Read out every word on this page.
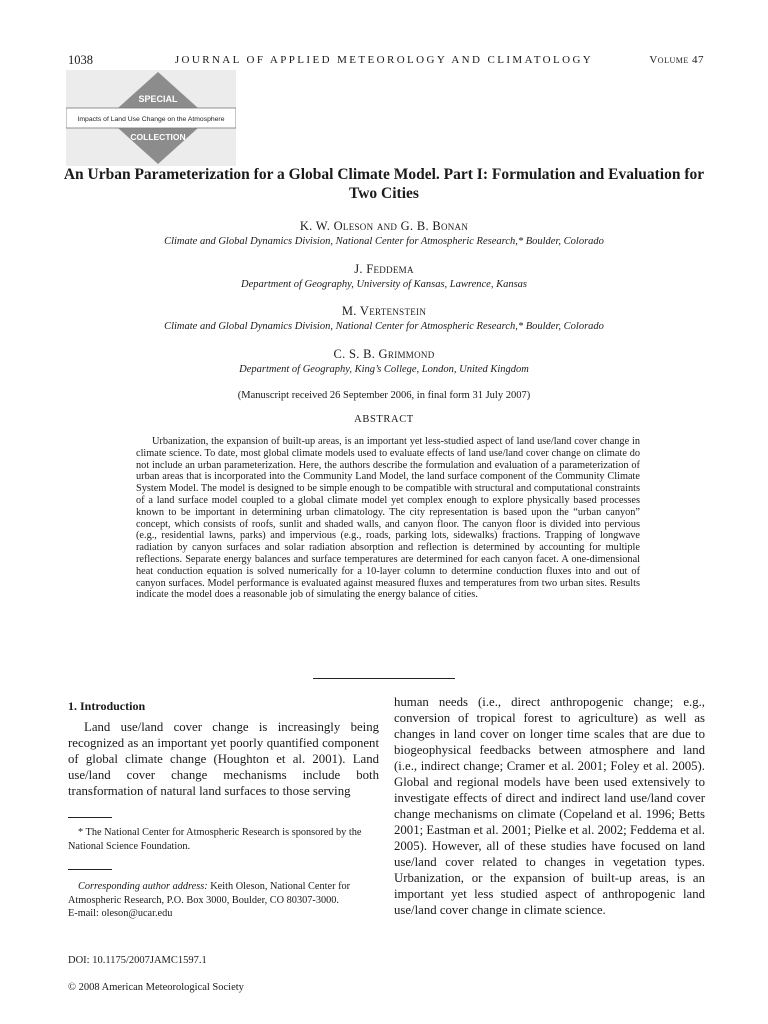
1038	JOURNAL OF APPLIED METEOROLOGY AND CLIMATOLOGY	Volume 47
SPECIAL
Impacts of Land Use Change on the Atmosphere
COLLECTION
An Urban Parameterization for a Global Climate Model. Part I: Formulation and Evaluation for Two Cities
K. W. Oleson and G. B. Bonan
Climate and Global Dynamics Division, National Center for Atmospheric Research,* Boulder, Colorado
J. Feddema
Department of Geography, University of Kansas, Lawrence, Kansas
M. Vertenstein
Climate and Global Dynamics Division, National Center for Atmospheric Research,* Boulder, Colorado
C. S. B. Grimmond
Department of Geography, King’s College, London, United Kingdom
(Manuscript received 26 September 2006, in final form 31 July 2007)
ABSTRACT
Urbanization, the expansion of built-up areas, is an important yet less-studied aspect of land use/land cover change in climate science. To date, most global climate models used to evaluate effects of land use/land cover change on climate do not include an urban parameterization. Here, the authors describe the formulation and evaluation of a parameterization of urban areas that is incorporated into the Community Land Model, the land surface component of the Community Climate System Model. The model is designed to be simple enough to be compatible with structural and computational constraints of a land surface model coupled to a global climate model yet complex enough to explore physically based processes known to be important in determining urban climatology. The city representation is based upon the “urban canyon” concept, which consists of roofs, sunlit and shaded walls, and canyon floor. The canyon floor is divided into pervious (e.g., residential lawns, parks) and impervious (e.g., roads, parking lots, sidewalks) fractions. Trapping of longwave radiation by canyon surfaces and solar radiation absorption and reflection is determined by accounting for multiple reflections. Separate energy balances and surface temperatures are determined for each canyon facet. A one-dimensional heat conduction equation is solved numerically for a 10-layer column to determine conduction fluxes into and out of canyon surfaces. Model performance is evaluated against measured fluxes and temperatures from two urban sites. Results indicate the model does a reasonable job of simulating the energy balance of cities.
1. Introduction
Land use/land cover change is increasingly being recognized as an important yet poorly quantified component of global climate change (Houghton et al. 2001). Land use/land cover change mechanisms include both transformation of natural land surfaces to those serving
* The National Center for Atmospheric Research is sponsored by the National Science Foundation.
Corresponding author address: Keith Oleson, National Center for Atmospheric Research, P.O. Box 3000, Boulder, CO 80307-3000.
E-mail: oleson@ucar.edu
DOI: 10.1175/2007JAMC1597.1
© 2008 American Meteorological Society
human needs (i.e., direct anthropogenic change; e.g., conversion of tropical forest to agriculture) as well as changes in land cover on longer time scales that are due to biogeophysical feedbacks between atmosphere and land (i.e., indirect change; Cramer et al. 2001; Foley et al. 2005). Global and regional models have been used extensively to investigate effects of direct and indirect land use/land cover change mechanisms on climate (Copeland et al. 1996; Betts 2001; Eastman et al. 2001; Pielke et al. 2002; Feddema et al. 2005). However, all of these studies have focused on land use/land cover related to changes in vegetation types. Urbanization, or the expansion of built-up areas, is an important yet less studied aspect of anthropogenic land use/land cover change in climate science.
